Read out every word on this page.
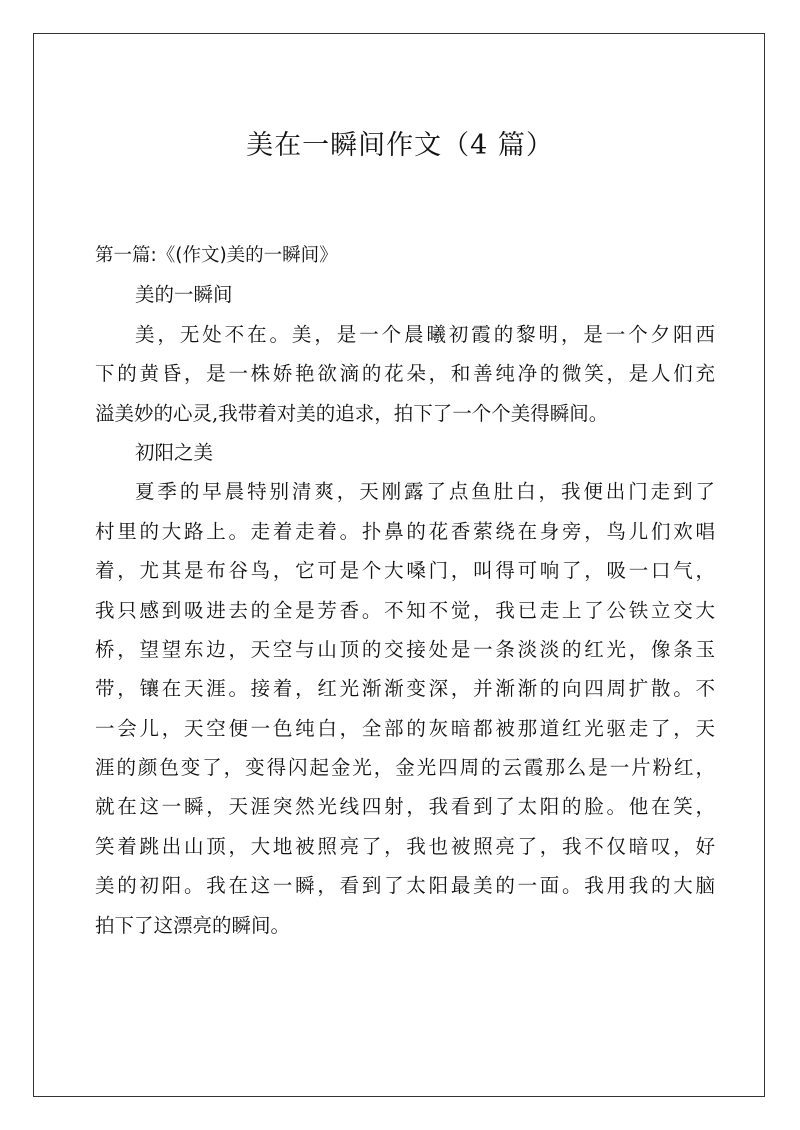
美在一瞬间作文（4 篇）
第一篇:《(作文)美的一瞬间》
美的一瞬间
美，无处不在。美，是一个晨曦初霞的黎明，是一个夕阳西
下的黄昏，是一株娇艳欲滴的花朵，和善纯净的微笑，是人们充
溢美妙的心灵,我带着对美的追求，拍下了一个个美得瞬间。
初阳之美
夏季的早晨特别清爽，天刚露了点鱼肚白，我便出门走到了
村里的大路上。走着走着。扑鼻的花香萦绕在身旁，鸟儿们欢唱
着，尤其是布谷鸟，它可是个大嗓门，叫得可响了，吸一口气，
我只感到吸进去的全是芳香。不知不觉，我已走上了公铁立交大
桥，望望东边，天空与山顶的交接处是一条淡淡的红光，像条玉
带，镶在天涯。接着，红光渐渐变深，并渐渐的向四周扩散。不
一会儿，天空便一色纯白，全部的灰暗都被那道红光驱走了，天
涯的颜色变了，变得闪起金光，金光四周的云霞那么是一片粉红，
就在这一瞬，天涯突然光线四射，我看到了太阳的脸。他在笑，
笑着跳出山顶，大地被照亮了，我也被照亮了，我不仅暗叹，好
美的初阳。我在这一瞬，看到了太阳最美的一面。我用我的大脑
拍下了这漂亮的瞬间。
